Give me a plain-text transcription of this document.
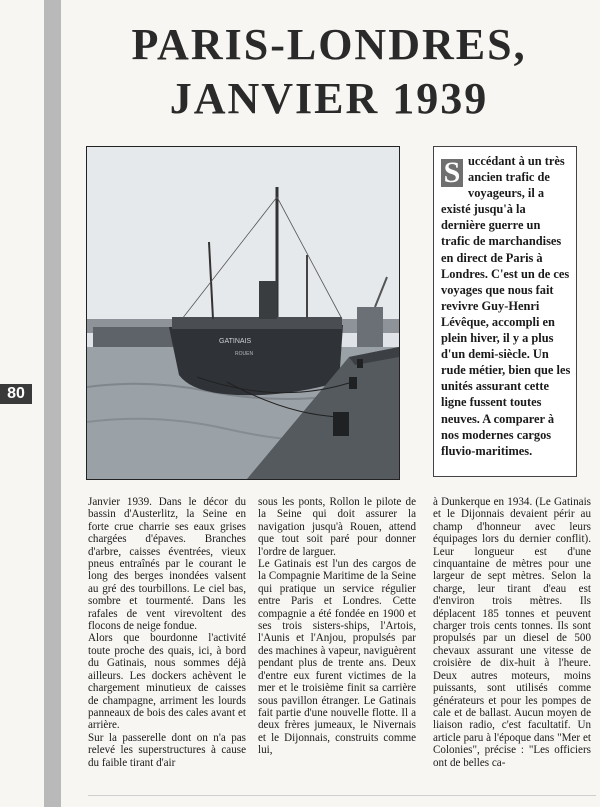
80
PARIS-LONDRES,
JANVIER 1939
GATINAIS
ROUEN
S uccédant à un très ancien trafic de voyageurs, il a existé jusqu'à la dernière guerre un trafic de marchandises en direct de Paris à Londres. C'est un de ces voyages que nous fait revivre Guy-Henri Lévêque, accompli en plein hiver, il y a plus d'un demi-siècle. Un rude métier, bien que les unités assurant cette ligne fussent toutes neuves. A comparer à nos modernes cargos fluvio-maritimes.

Janvier 1939. Dans le décor du bassin d'Austerlitz, la Seine en forte crue charrie ses eaux grises chargées d'épaves. Branches d'arbre, caisses éventrées, vieux pneus entraînés par le courant le long des berges inondées valsent au gré des tourbillons. Le ciel bas, sombre et tourmenté. Dans les rafales de vent virevoltent des flocons de neige fondue.

Alors que bourdonne l'activité toute proche des quais, ici, à bord du Gatinais, nous sommes déjà ailleurs. Les dockers achèvent le chargement minutieux de caisses de champagne, arriment les lourds panneaux de bois des cales avant et arrière.

Sur la passerelle dont on n'a pas relevé les superstructures à cause du faible tirant d'air

sous les ponts, Rollon le pilote de la Seine qui doit assurer la navigation jusqu'à Rouen, attend que tout soit paré pour donner l'ordre de larguer.

Le Gatinais est l'un des cargos de la Compagnie Maritime de la Seine qui pratique un service régulier entre Paris et Londres. Cette compagnie a été fondée en 1900 et ses trois sisters-ships, l'Artois, l'Aunis et l'Anjou, propulsés par des machines à vapeur, naviguèrent pendant plus de trente ans. Deux d'entre eux furent victimes de la mer et le troisième finit sa carrière sous pavillon étranger. Le Gatinais fait partie d'une nouvelle flotte. Il a deux frères jumeaux, le Nivernais et le Dijonnais, construits comme lui,

à Dunkerque en 1934. (Le Gatinais et le Dijonnais devaient périr au champ d'honneur avec leurs équipages lors du dernier conflit). Leur longueur est d'une cinquantaine de mètres pour une largeur de sept mètres. Selon la charge, leur tirant d'eau est d'environ trois mètres. Ils déplacent 185 tonnes et peuvent charger trois cents tonnes. Ils sont propulsés par un diesel de 500 chevaux assurant une vitesse de croisière de dix-huit à l'heure. Deux autres moteurs, moins puissants, sont utilisés comme générateurs et pour les pompes de cale et de ballast. Aucun moyen de liaison radio, c'est facultatif. Un article paru à l'époque dans "Mer et Colonies", précise : "Les officiers ont de belles ca-
